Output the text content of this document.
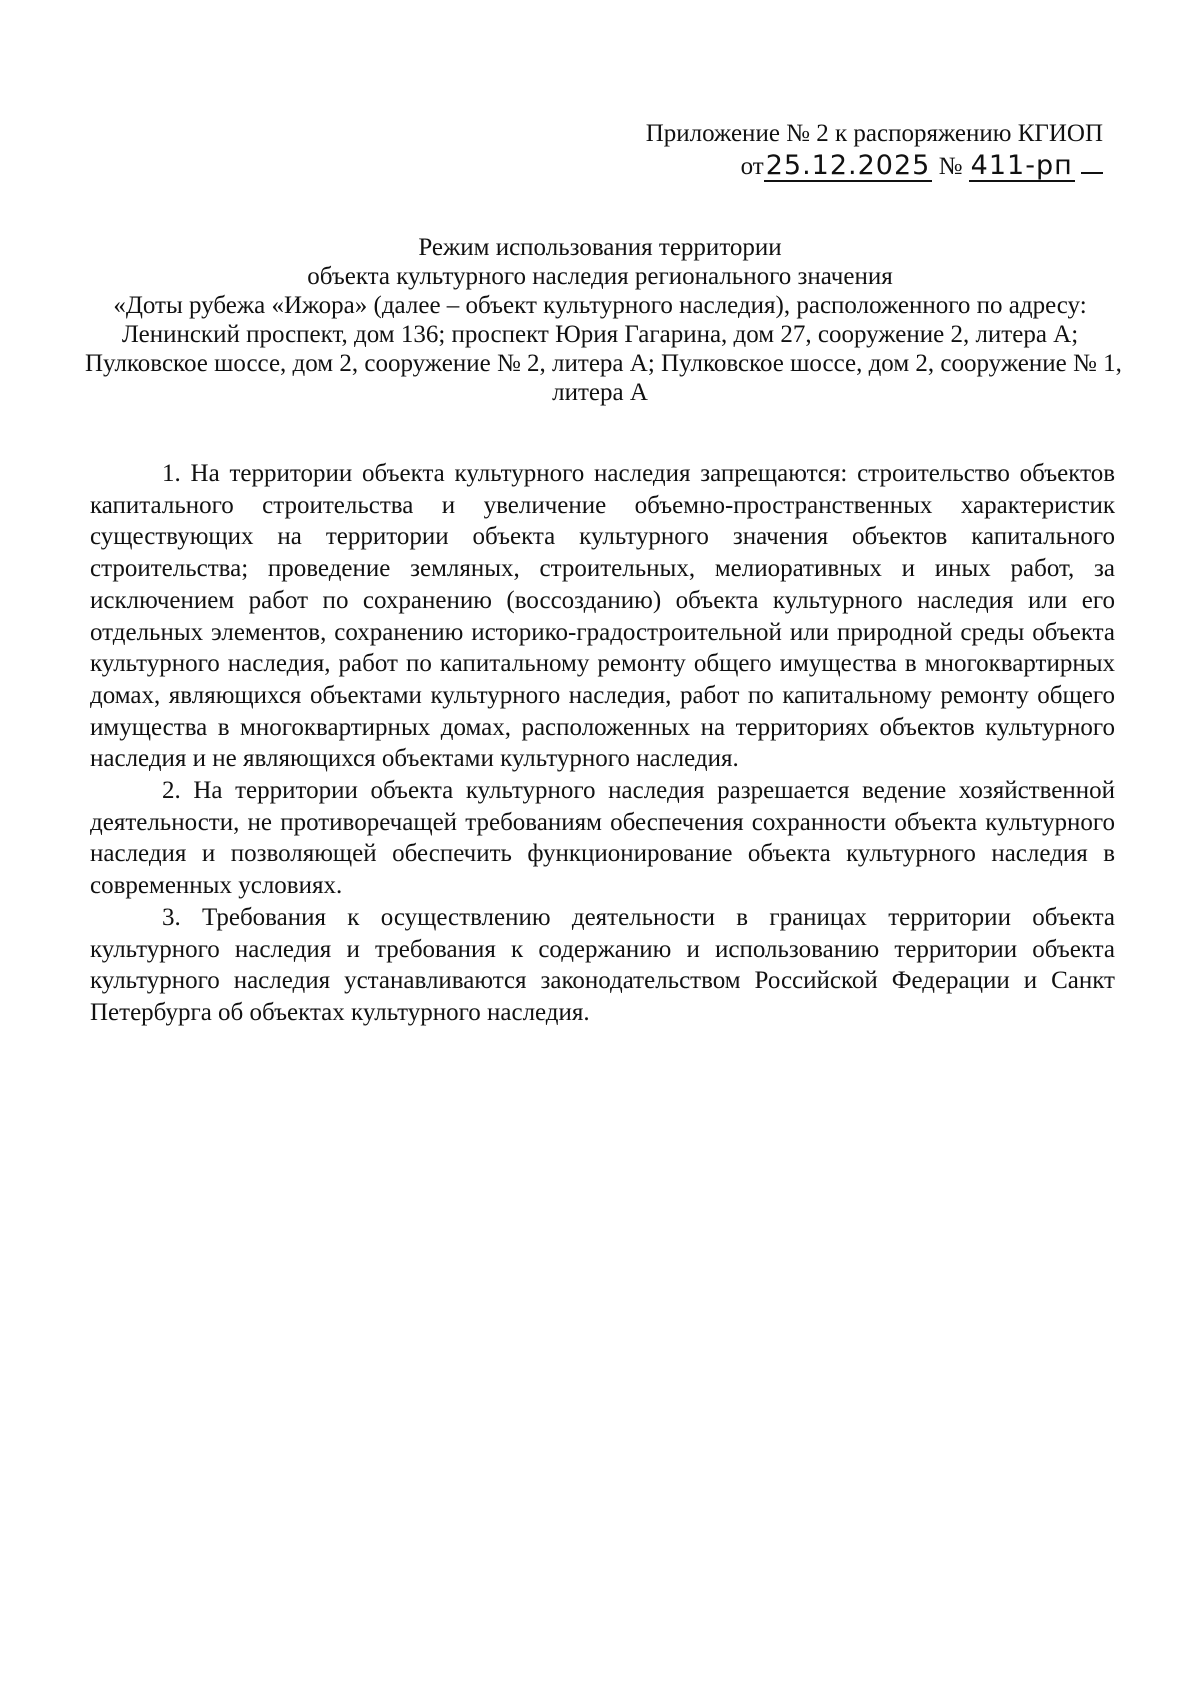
Приложение № 2 к распоряжению КГИОП
от25.12.2025 № 411-рп
Режим использования территории
объекта культурного наследия регионального значения
«Доты рубежа «Ижора» (далее – объект культурного наследия), расположенного по адресу:
Ленинский проспект, дом 136; проспект Юрия Гагарина, дом 27, сооружение 2, литера А;
Пулковское шоссе, дом 2, сооружение № 2, литера А; Пулковское шоссе, дом 2, сооружение № 1,
литера А

1. На территории объекта культурного наследия запрещаются: строительство объектов капитального строительства и увеличение объемно-пространственных характеристик существующих на территории объекта культурного значения объектов капитального строительства; проведение земляных, строительных, мелиоративных и иных работ, за исключением работ по сохранению (воссозданию) объекта культурного наследия или его отдельных элементов, сохранению историко-градостроительной или природной среды объекта культурного наследия, работ по капитальному ремонту общего имущества в многоквартирных домах, являющихся объектами культурного наследия, работ по капитальному ремонту общего имущества в многоквартирных домах, расположенных на территориях объектов культурного наследия и не являющихся объектами культурного наследия.

2. На территории объекта культурного наследия разрешается ведение хозяйственной деятельности, не противоречащей требованиям обеспечения сохранности объекта культурного наследия и позволяющей обеспечить функционирование объекта культурного наследия в современных условиях.

3. Требования к осуществлению деятельности в границах территории объекта культурного наследия и требования к содержанию и использованию территории объекта культурного наследия устанавливаются законодательством Российской Федерации и Санкт Петербурга об объектах культурного наследия.
